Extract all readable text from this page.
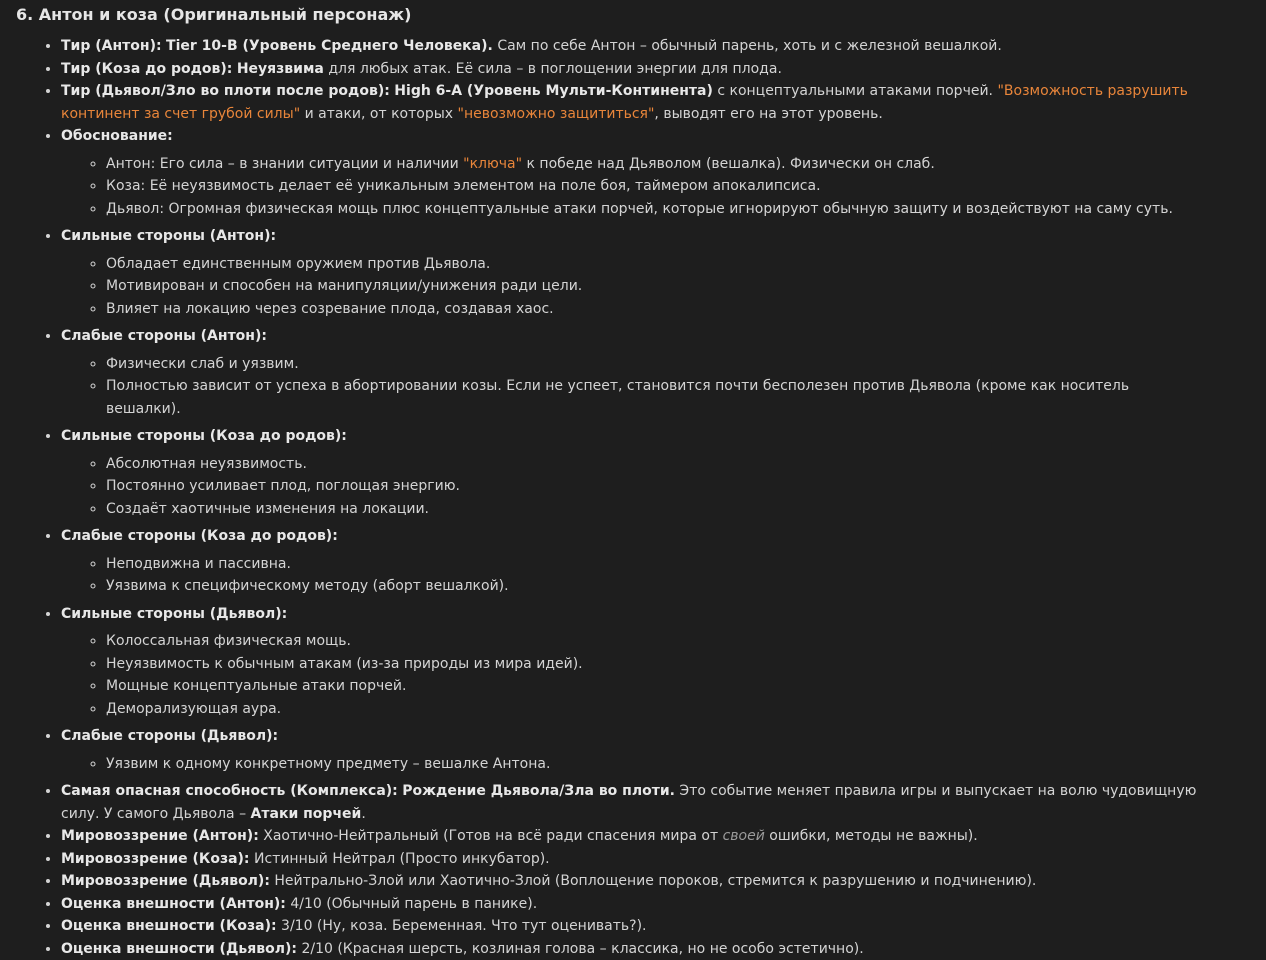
6. Антон и коза (Оригинальный персонаж)
• Тир (Антон): Tier 10-B (Уровень Среднего Человека). Сам по себе Антон – обычный парень, хоть и с железной вешалкой.
• Тир (Коза до родов): Неуязвима для любых атак. Её сила – в поглощении энергии для плода.
• Тир (Дьявол/Зло во плоти после родов): High 6-A (Уровень Мульти-Континента) с концептуальными атаками порчей. "Возможность разрушить континент за счет грубой силы" и атаки, от которых "невозможно защититься", выводят его на этот уровень.
• Обоснование:
◦ Антон: Его сила – в знании ситуации и наличии "ключа" к победе над Дьяволом (вешалка). Физически он слаб.
◦ Коза: Её неуязвимость делает её уникальным элементом на поле боя, таймером апокалипсиса.
◦ Дьявол: Огромная физическая мощь плюс концептуальные атаки порчей, которые игнорируют обычную защиту и воздействуют на саму суть.
• Сильные стороны (Антон):
◦ Обладает единственным оружием против Дьявола.
◦ Мотивирован и способен на манипуляции/унижения ради цели.
◦ Влияет на локацию через созревание плода, создавая хаос.
• Слабые стороны (Антон):
◦ Физически слаб и уязвим.
◦ Полностью зависит от успеха в абортировании козы. Если не успеет, становится почти бесполезен против Дьявола (кроме как носитель вешалки).
• Сильные стороны (Коза до родов):
◦ Абсолютная неуязвимость.
◦ Постоянно усиливает плод, поглощая энергию.
◦ Создаёт хаотичные изменения на локации.
• Слабые стороны (Коза до родов):
◦ Неподвижна и пассивна.
◦ Уязвима к специфическому методу (аборт вешалкой).
• Сильные стороны (Дьявол):
◦ Колоссальная физическая мощь.
◦ Неуязвимость к обычным атакам (из-за природы из мира идей).
◦ Мощные концептуальные атаки порчей.
◦ Деморализующая аура.
• Слабые стороны (Дьявол):
◦ Уязвим к одному конкретному предмету – вешалке Антона.
• Самая опасная способность (Комплекса): Рождение Дьявола/Зла во плоти. Это событие меняет правила игры и выпускает на волю чудовищную силу. У самого Дьявола – Атаки порчей.
• Мировоззрение (Антон): Хаотично-Нейтральный (Готов на всё ради спасения мира от своей ошибки, методы не важны).
• Мировоззрение (Коза): Истинный Нейтрал (Просто инкубатор).
• Мировоззрение (Дьявол): Нейтрально-Злой или Хаотично-Злой (Воплощение пороков, стремится к разрушению и подчинению).
• Оценка внешности (Антон): 4/10 (Обычный парень в панике).
• Оценка внешности (Коза): 3/10 (Ну, коза. Беременная. Что тут оценивать?).
• Оценка внешности (Дьявол): 2/10 (Красная шерсть, козлиная голова – классика, но не особо эстетично).
